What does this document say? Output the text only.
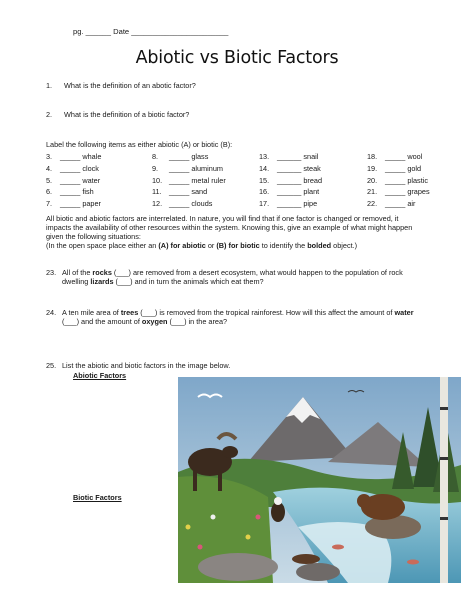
pg. ______ Date _______________________
Abiotic vs Biotic Factors
1. What is the definition of an abotic factor?
2. What is the definition of a biotic factor?
Label the following items as either abiotic (A) or biotic (B):
3. _____ whale	8. _____ glass	13. ______ snail	18. _____ wool
4. _____ clock	9. _____ aluminum	14. ______ steak	19. _____ gold
5. _____ water	10. _____ metal ruler	15. ______ bread	20. _____ plastic
6. _____ fish	11. _____ sand	16. ______ plant	21. _____ grapes
7. _____ paper	12. _____ clouds	17. ______ pipe	22. _____ air
All biotic and abiotic factors are interrelated. In nature, you will find that if one factor is changed or removed, it
impacts the availability of other resources within the system. Knowing this, give an example of what might happen
given the following situations:
(In the open space place either an (A) for abiotic or (B) for biotic to identify the bolded object.)
23. All of the rocks (___) are removed from a desert ecosystem, what would happen to the population of rock
dwelling lizards (___) and in turn the animals which eat them?
24. A ten mile area of trees (___) is removed from the tropical rainforest. How will this affect the amount of water
(___) and the amount of oxygen (___) in the area?
25. List the abiotic and biotic factors in the image below.
Abiotic Factors
Biotic Factors
